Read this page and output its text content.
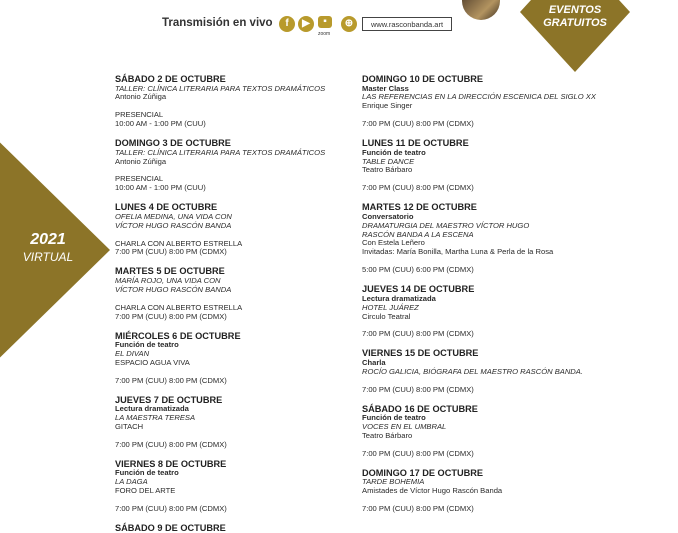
Transmisión en vivo	f	▶	▪
zoom
⊕	www.rasconbanda.art
EVENTOS
GRATUITOS
2021
VIRTUAL
SÁBADO 2 DE OCTUBRE
TALLER: CLÍNICA LITERARIA PARA TEXTOS DRAMÁTICOS
Antonio Zúñiga
PRESENCIAL
10:00 AM - 1:00 PM (CUU)
DOMINGO 3 DE OCTUBRE
TALLER: CLÍNICA LITERARIA PARA TEXTOS DRAMÁTICOS
Antonio Zúñiga
PRESENCIAL
10:00 AM - 1:00 PM (CUU)
LUNES 4 DE OCTUBRE
OFELIA MEDINA, UNA VIDA CON
VÍCTOR HUGO RASCÓN BANDA
CHARLA CON ALBERTO ESTRELLA
7:00 PM (CUU) 8:00 PM (CDMX)
MARTES 5 DE OCTUBRE
MARÍA ROJO, UNA VIDA CON
VÍCTOR HUGO RASCÓN BANDA
CHARLA CON ALBERTO ESTRELLA
7:00 PM (CUU) 8:00 PM (CDMX)
MIÉRCOLES 6 DE OCTUBRE
Función de teatro
EL DIVAN
ESPACIO AGUA VIVA
7:00 PM (CUU) 8:00 PM (CDMX)
JUEVES 7 DE OCTUBRE
Lectura dramatizada
LA MAESTRA TERESA
GITACH
7:00 PM (CUU) 8:00 PM (CDMX)
VIERNES 8 DE OCTUBRE
Función de teatro
LA DAGA
FORO DEL ARTE
7:00 PM (CUU) 8:00 PM (CDMX)
SÁBADO 9 DE OCTUBRE
DOMINGO 10 DE OCTUBRE
Master Class
LAS REFERENCIAS EN LA DIRECCIÓN ESCENICA DEL SIGLO XX
Enrique Singer
7:00 PM (CUU) 8:00 PM (CDMX)
LUNES 11 DE OCTUBRE
Función de teatro
TABLE DANCE
Teatro Bárbaro
7:00 PM (CUU) 8:00 PM (CDMX)
MARTES 12 DE OCTUBRE
Conversatorio
DRAMATURGIA DEL MAESTRO VÍCTOR HUGO
RASCÓN BANDA A LA ESCENA
Con Estela Leñero
Invitadas: María Bonilla, Martha Luna & Perla de la Rosa
5:00 PM (CUU) 6:00 PM (CDMX)
JUEVES 14 DE OCTUBRE
Lectura dramatizada
HOTEL JUÁREZ
Circulo Teatral
7:00 PM (CUU) 8:00 PM (CDMX)
VIERNES 15 DE OCTUBRE
Charla
ROCÍO GALICIA, BIÓGRAFA DEL MAESTRO RASCÓN BANDA.
7:00 PM (CUU) 8:00 PM (CDMX)
SÁBADO 16 DE OCTUBRE
Función de teatro
VOCES EN EL UMBRAL
Teatro Bárbaro
7:00 PM (CUU) 8:00 PM (CDMX)
DOMINGO 17 DE OCTUBRE
TARDE BOHEMIA
Amistades de Víctor Hugo Rascón Banda
7:00 PM (CUU) 8:00 PM (CDMX)
